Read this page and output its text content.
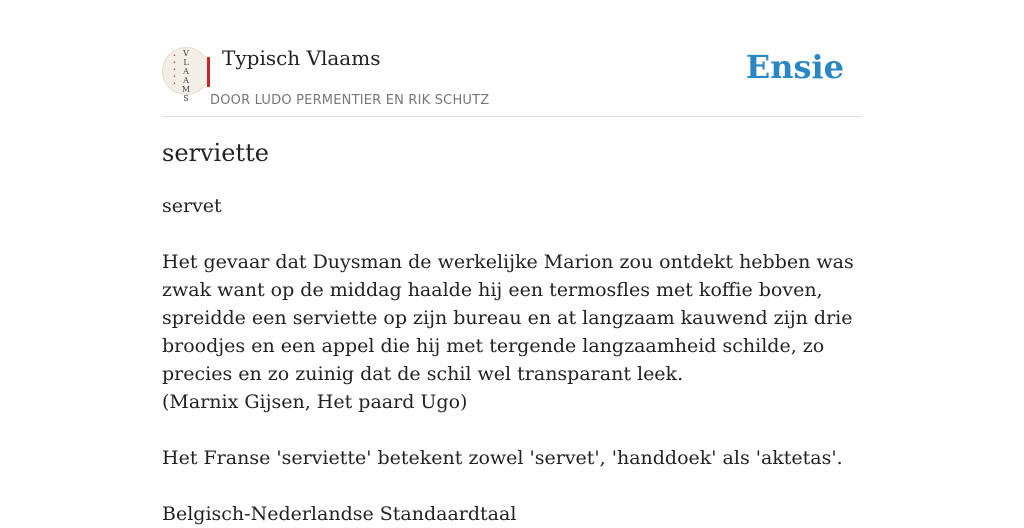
•
•
•
•
•
V
L
A
A
M
S
Typisch Vlaams
DOOR LUDO PERMENTIER EN RIK SCHUTZ
Ensie
serviette

servet

Het gevaar dat Duysman de werkelijke Marion zou ontdekt hebben was zwak want op de middag haalde hij een termosfles met koffie boven, spreidde een serviette op zijn bureau en at langzaam kauwend zijn drie broodjes en een appel die hij met tergende langzaamheid schilde, zo precies en zo zuinig dat de schil wel transparant leek.

(Marnix Gijsen, Het paard Ugo)

Het Franse 'serviette' betekent zowel 'servet', 'handdoek' als 'aktetas'.

Belgisch-Nederlandse Standaardtaal
